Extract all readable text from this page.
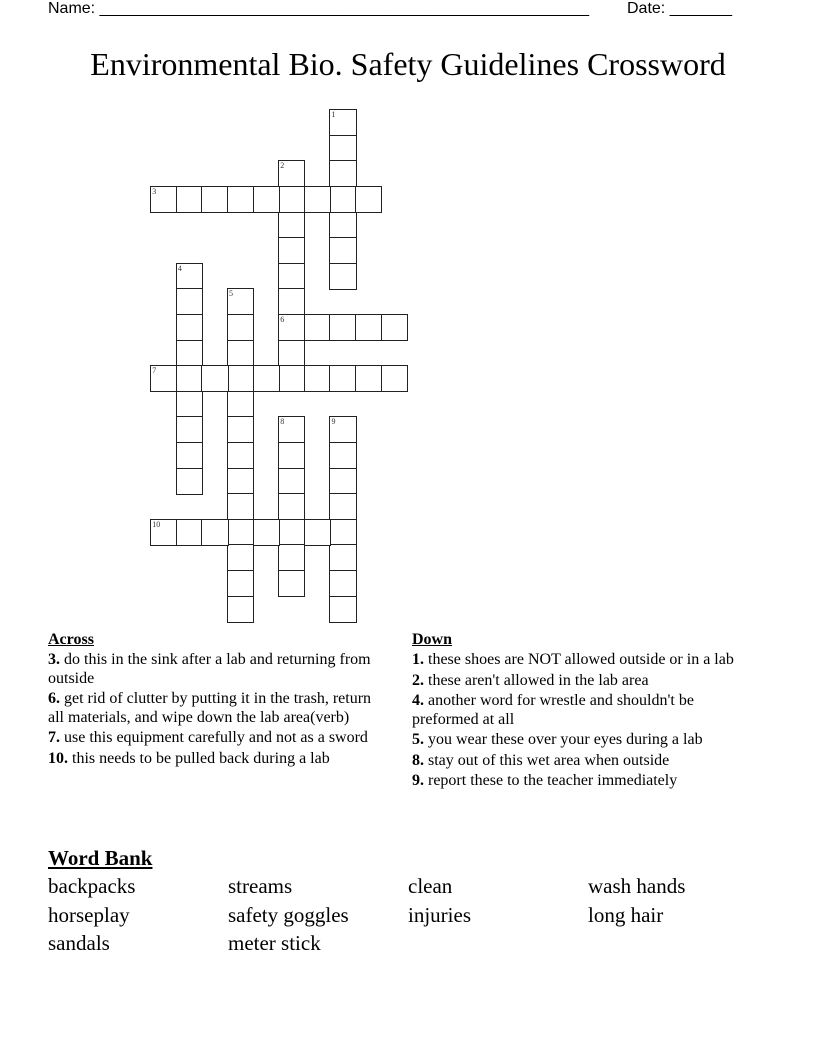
Name: _______________________________________________________ Date: _______
Environmental Bio. Safety Guidelines Crossword
1
2
6
3
4
5
7
8	9
10
Across
3. do this in the sink after a lab and returning from outside
6. get rid of clutter by putting it in the trash, return all materials, and wipe down the lab area(verb)
7. use this equipment carefully and not as a sword
10. this needs to be pulled back during a lab
Down
1. these shoes are NOT allowed outside or in a lab
2. these aren't allowed in the lab area
4. another word for wrestle and shouldn't be preformed at all
5. you wear these over your eyes during a lab
8. stay out of this wet area when outside
9. report these to the teacher immediately
Word Bank
backpacks	streams	clean	wash hands
horseplay	safety goggles	injuries	long hair
sandals	meter stick
